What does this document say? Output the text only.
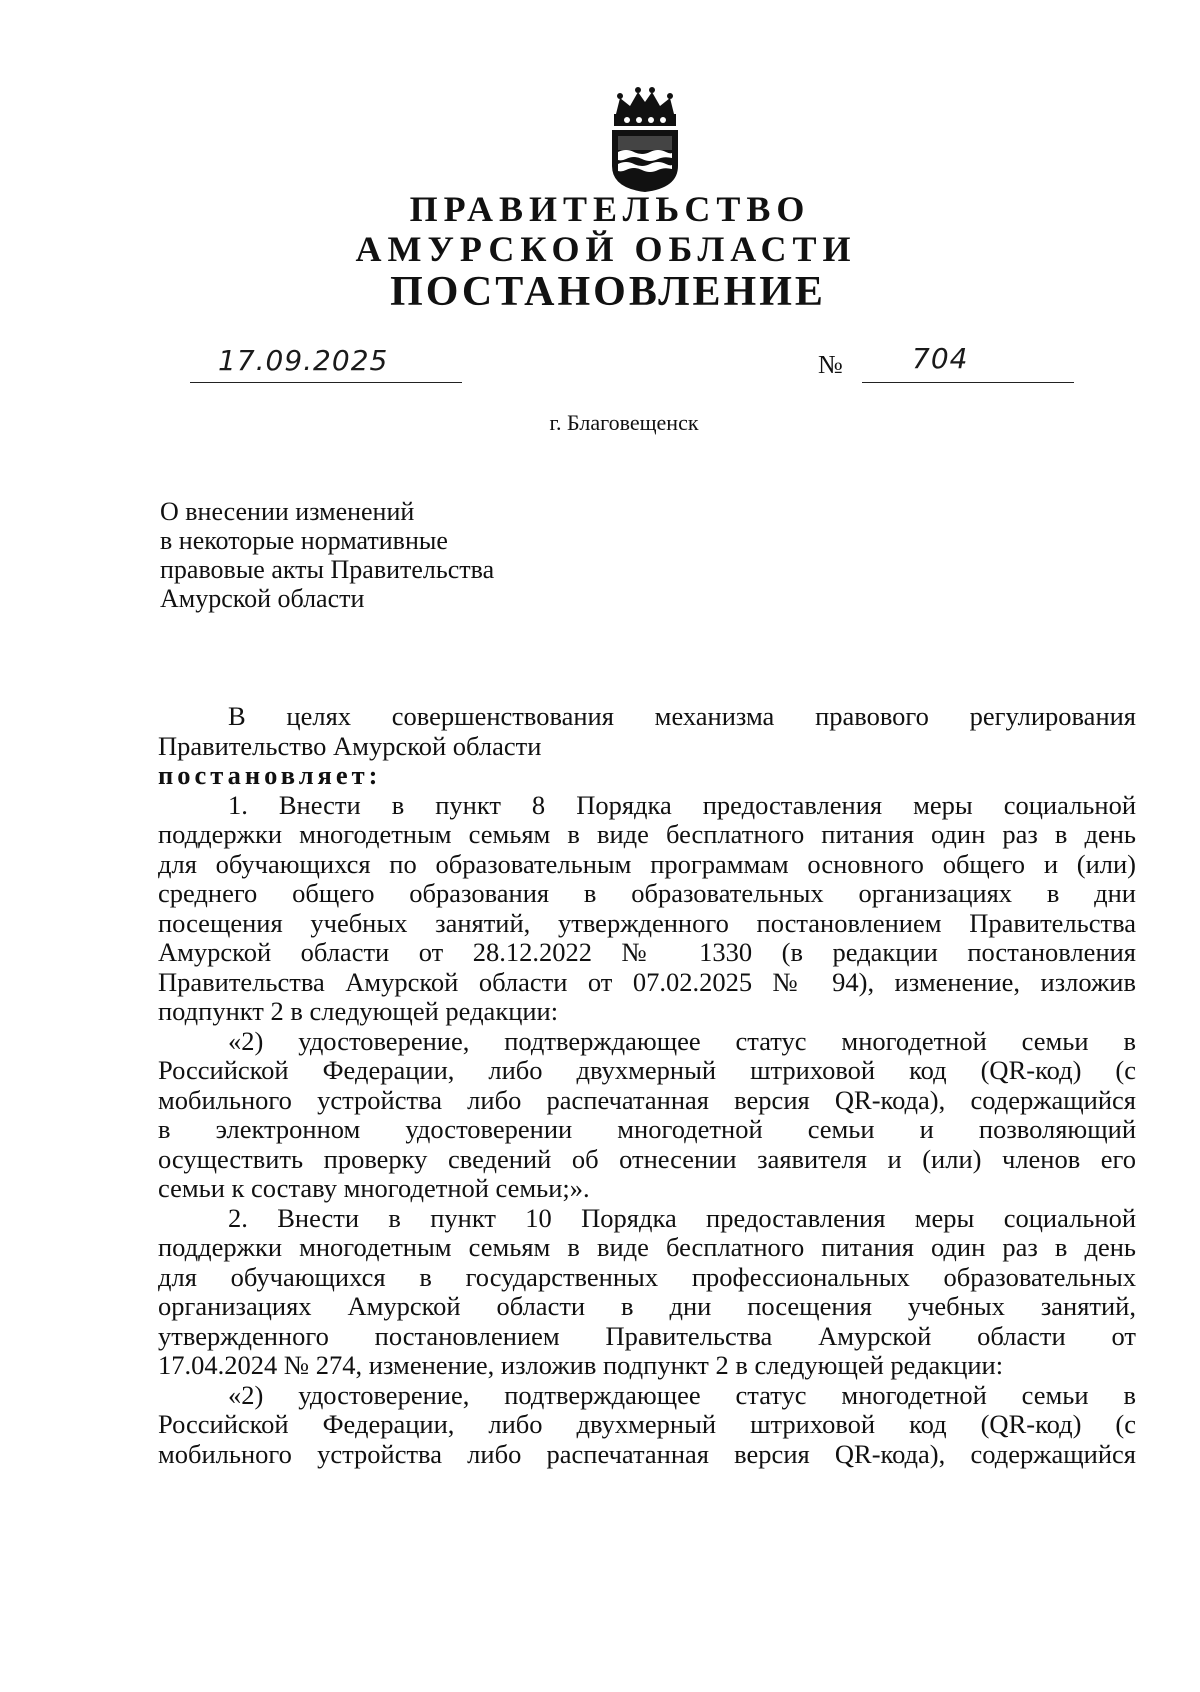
ПРАВИТЕЛЬСТВО
АМУРСКОЙ ОБЛАСТИ
ПОСТАНОВЛЕНИЕ
17.09.2025	№ 704
г. Благовещенск
О внесении изменений
в некоторые нормативные
правовые акты Правительства
Амурской области
В целях совершенствования механизма правового регулирования
Правительство Амурской области
постановляет:
1. Внести в пункт 8 Порядка предоставления меры социальной
поддержки многодетным семьям в виде бесплатного питания один раз в день
для обучающихся по образовательным программам основного общего и (или)
среднего общего образования в образовательных организациях в дни
посещения учебных занятий, утвержденного постановлением Правительства
Амурской области от 28.12.2022 № 1330 (в редакции постановления
Правительства Амурской области от 07.02.2025 № 94), изменение, изложив
подпункт 2 в следующей редакции:
«2) удостоверение, подтверждающее статус многодетной семьи в
Российской Федерации, либо двухмерный штриховой код (QR-код) (с
мобильного устройства либо распечатанная версия QR-кода), содержащийся
в электронном удостоверении многодетной семьи и позволяющий
осуществить проверку сведений об отнесении заявителя и (или) членов его
семьи к составу многодетной семьи;».
2. Внести в пункт 10 Порядка предоставления меры социальной
поддержки многодетным семьям в виде бесплатного питания один раз в день
для обучающихся в государственных профессиональных образовательных
организациях Амурской области в дни посещения учебных занятий,
утвержденного постановлением Правительства Амурской области от
17.04.2024 № 274, изменение, изложив подпункт 2 в следующей редакции:
«2) удостоверение, подтверждающее статус многодетной семьи в
Российской Федерации, либо двухмерный штриховой код (QR-код) (с
мобильного устройства либо распечатанная версия QR-кода), содержащийся
